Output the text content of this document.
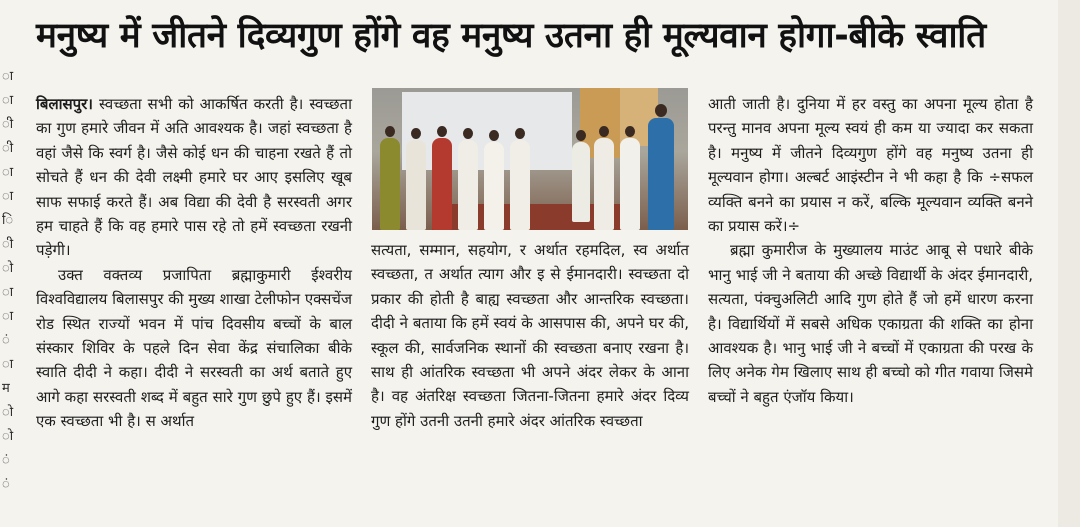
ा
ा
ी
ी
ा
ा
ि
ी
ो
ा
ा
ं
ा
म
ो
ो
ं
ं
मनुष्य में जीतने दिव्यगुण होंगे वह मनुष्य उतना ही मूल्यवान होगा-बीके स्वाति

बिलासपुर। स्वच्छता सभी को आकर्षित करती है। स्वच्छता का गुण हमारे जीवन में अति आवश्यक है। जहां स्वच्छता है वहां जैसे कि स्वर्ग है। जैसे कोई धन की चाहना रखते हैं तो सोचते हैं धन की देवी लक्ष्मी हमारे घर आए इसलिए खूब साफ सफाई करते हैं। अब विद्या की देवी है सरस्वती अगर हम चाहते हैं कि वह हमारे पास रहे तो हमें स्वच्छता रखनी पड़ेगी।

उक्त वक्तव्य प्रजापिता ब्रह्माकुमारी ईश्वरीय विश्वविद्यालय बिलासपुर की मुख्य शाखा टेलीफोन एक्सचेंज रोड स्थित राज्यों भवन में पांच दिवसीय बच्चों के बाल संस्कार शिविर के पहले दिन सेवा केंद्र संचालिका बीके स्वाति दीदी ने कहा। दीदी ने सरस्वती का अर्थ बताते हुए आगे कहा सरस्वती शब्द में बहुत सारे गुण छुपे हुए हैं। इसमें एक स्वच्छता भी है। स अर्थात

सत्यता, सम्मान, सहयोग, र अर्थात रहमदिल, स्व अर्थात स्वच्छता, त अर्थात त्याग और इ से ईमानदारी। स्वच्छता दो प्रकार की होती है बाह्य स्वच्छता और आन्तरिक स्वच्छता। दीदी ने बताया कि हमें स्वयं के आसपास की, अपने घर की, स्कूल की, सार्वजनिक स्थानों की स्वच्छता बनाए रखना है। साथ ही आंतरिक स्वच्छता भी अपने अंदर लेकर के आना है। वह अंतरिक्ष स्वच्छता जितना-जितना हमारे अंदर दिव्य गुण होंगे उतनी उतनी हमारे अंदर आंतरिक स्वच्छता

आती जाती है। दुनिया में हर वस्तु का अपना मूल्य होता है परन्तु मानव अपना मूल्य स्वयं ही कम या ज्यादा कर सकता है। मनुष्य में जीतने दिव्यगुण होंगे वह मनुष्य उतना ही मूल्यवान होगा। अल्बर्ट आइंस्टीन ने भी कहा है कि ÷सफल व्यक्ति बनने का प्रयास न करें, बल्कि मूल्यवान व्यक्ति बनने का प्रयास करें।÷

ब्रह्मा कुमारीज के मुख्यालय माउंट आबू से पधारे बीके भानु भाई जी ने बताया की अच्छे विद्यार्थी के अंदर ईमानदारी, सत्यता, पंक्चुअलिटी आदि गुण होते हैं जो हमें धारण करना है। विद्यार्थियों में सबसे अधिक एकाग्रता की शक्ति का होना आवश्यक है। भानु भाई जी ने बच्चों में एकाग्रता की परख के लिए अनेक गेम खिलाए साथ ही बच्चो को गीत गवाया जिसमे बच्चों ने बहुत एंजॉय किया।
